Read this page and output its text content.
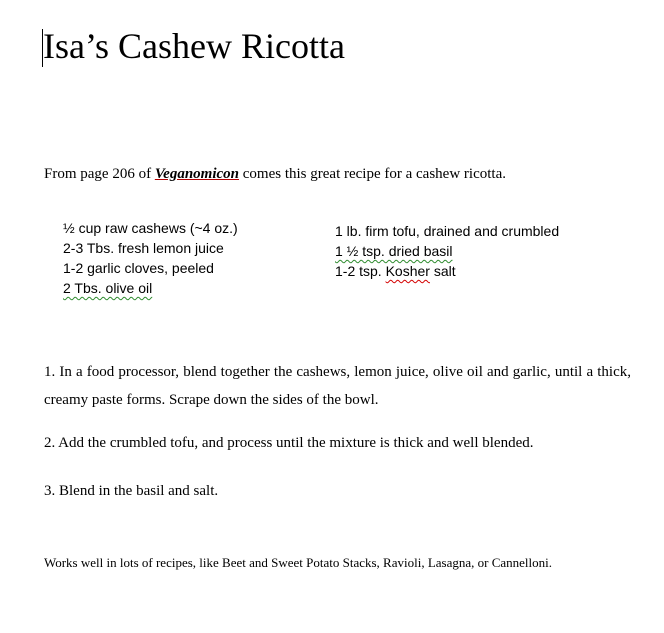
Isa’s Cashew Ricotta
From page 206 of Veganomicon comes this great recipe for a cashew ricotta.
½ cup raw cashews (~4 oz.)
2-3 Tbs. fresh lemon juice
1-2 garlic cloves, peeled
2 Tbs. olive oil
1 lb. firm tofu, drained and crumbled
1 ½ tsp. dried basil
1-2 tsp. Kosher salt
1. In a food processor, blend together the cashews, lemon juice, olive oil and garlic, until a thick, creamy paste forms. Scrape down the sides of the bowl.
2. Add the crumbled tofu, and process until the mixture is thick and well blended.
3. Blend in the basil and salt.
Works well in lots of recipes, like Beet and Sweet Potato Stacks, Ravioli, Lasagna, or Cannelloni.
